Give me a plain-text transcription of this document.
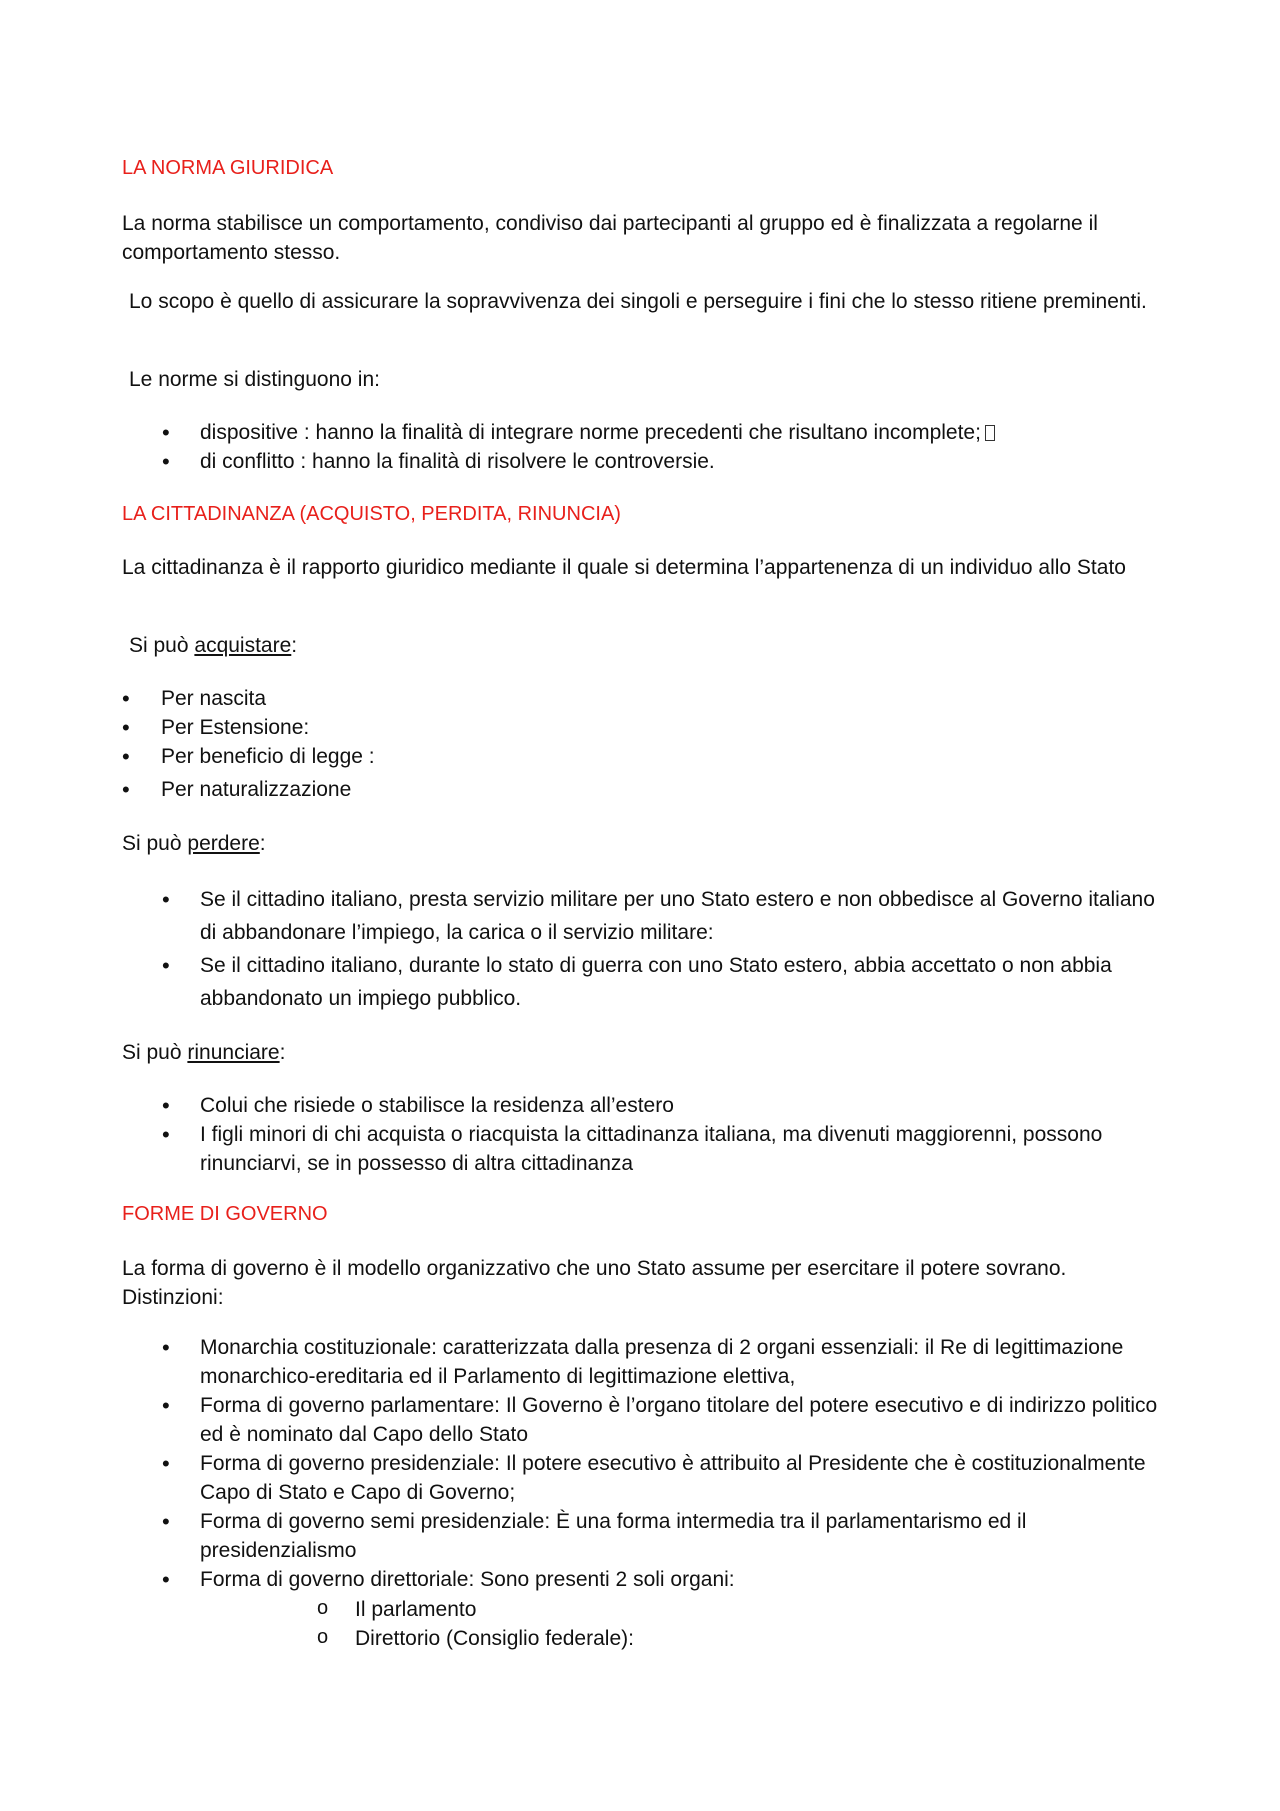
LA NORMA GIURIDICA

La norma stabilisce un comportamento, condiviso dai partecipanti al gruppo ed è finalizzata a regolarne il comportamento stesso.

Lo scopo è quello di assicurare la sopravvivenza dei singoli e perseguire i fini che lo stesso ritiene preminenti.

Le norme si distinguono in:

• dispositive : hanno la finalità di integrare norme precedenti che risultano incomplete;
• di conflitto : hanno la finalità di risolvere le controversie.
LA CITTADINANZA (ACQUISTO, PERDITA, RINUNCIA)

La cittadinanza è il rapporto giuridico mediante il quale si determina l’appartenenza di un individuo allo Stato

Si può acquistare:

• Per nascita
• Per Estensione:
• Per beneficio di legge :
• Per naturalizzazione

Si può perdere:

• Se il cittadino italiano, presta servizio militare per uno Stato estero e non obbedisce al Governo italiano di abbandonare l’impiego, la carica o il servizio militare:
• Se il cittadino italiano, durante lo stato di guerra con uno Stato estero, abbia accettato o non abbia abbandonato un impiego pubblico.

Si può rinunciare:

• Colui che risiede o stabilisce la residenza all’estero
• I figli minori di chi acquista o riacquista la cittadinanza italiana, ma divenuti maggiorenni, possono rinunciarvi, se in possesso di altra cittadinanza
FORME DI GOVERNO

La forma di governo è il modello organizzativo che uno Stato assume per esercitare il potere sovrano.
Distinzioni:

• Monarchia costituzionale: caratterizzata dalla presenza di 2 organi essenziali: il Re di legittimazione monarchico-ereditaria ed il Parlamento di legittimazione elettiva,
• Forma di governo parlamentare: Il Governo è l’organo titolare del potere esecutivo e di indirizzo politico ed è nominato dal Capo dello Stato
• Forma di governo presidenziale: Il potere esecutivo è attribuito al Presidente che è costituzionalmente Capo di Stato e Capo di Governo;
• Forma di governo semi presidenziale: È una forma intermedia tra il parlamentarismo ed il presidenzialismo
• Forma di governo direttoriale: Sono presenti 2 soli organi:
o Il parlamento
o Direttorio (Consiglio federale):
